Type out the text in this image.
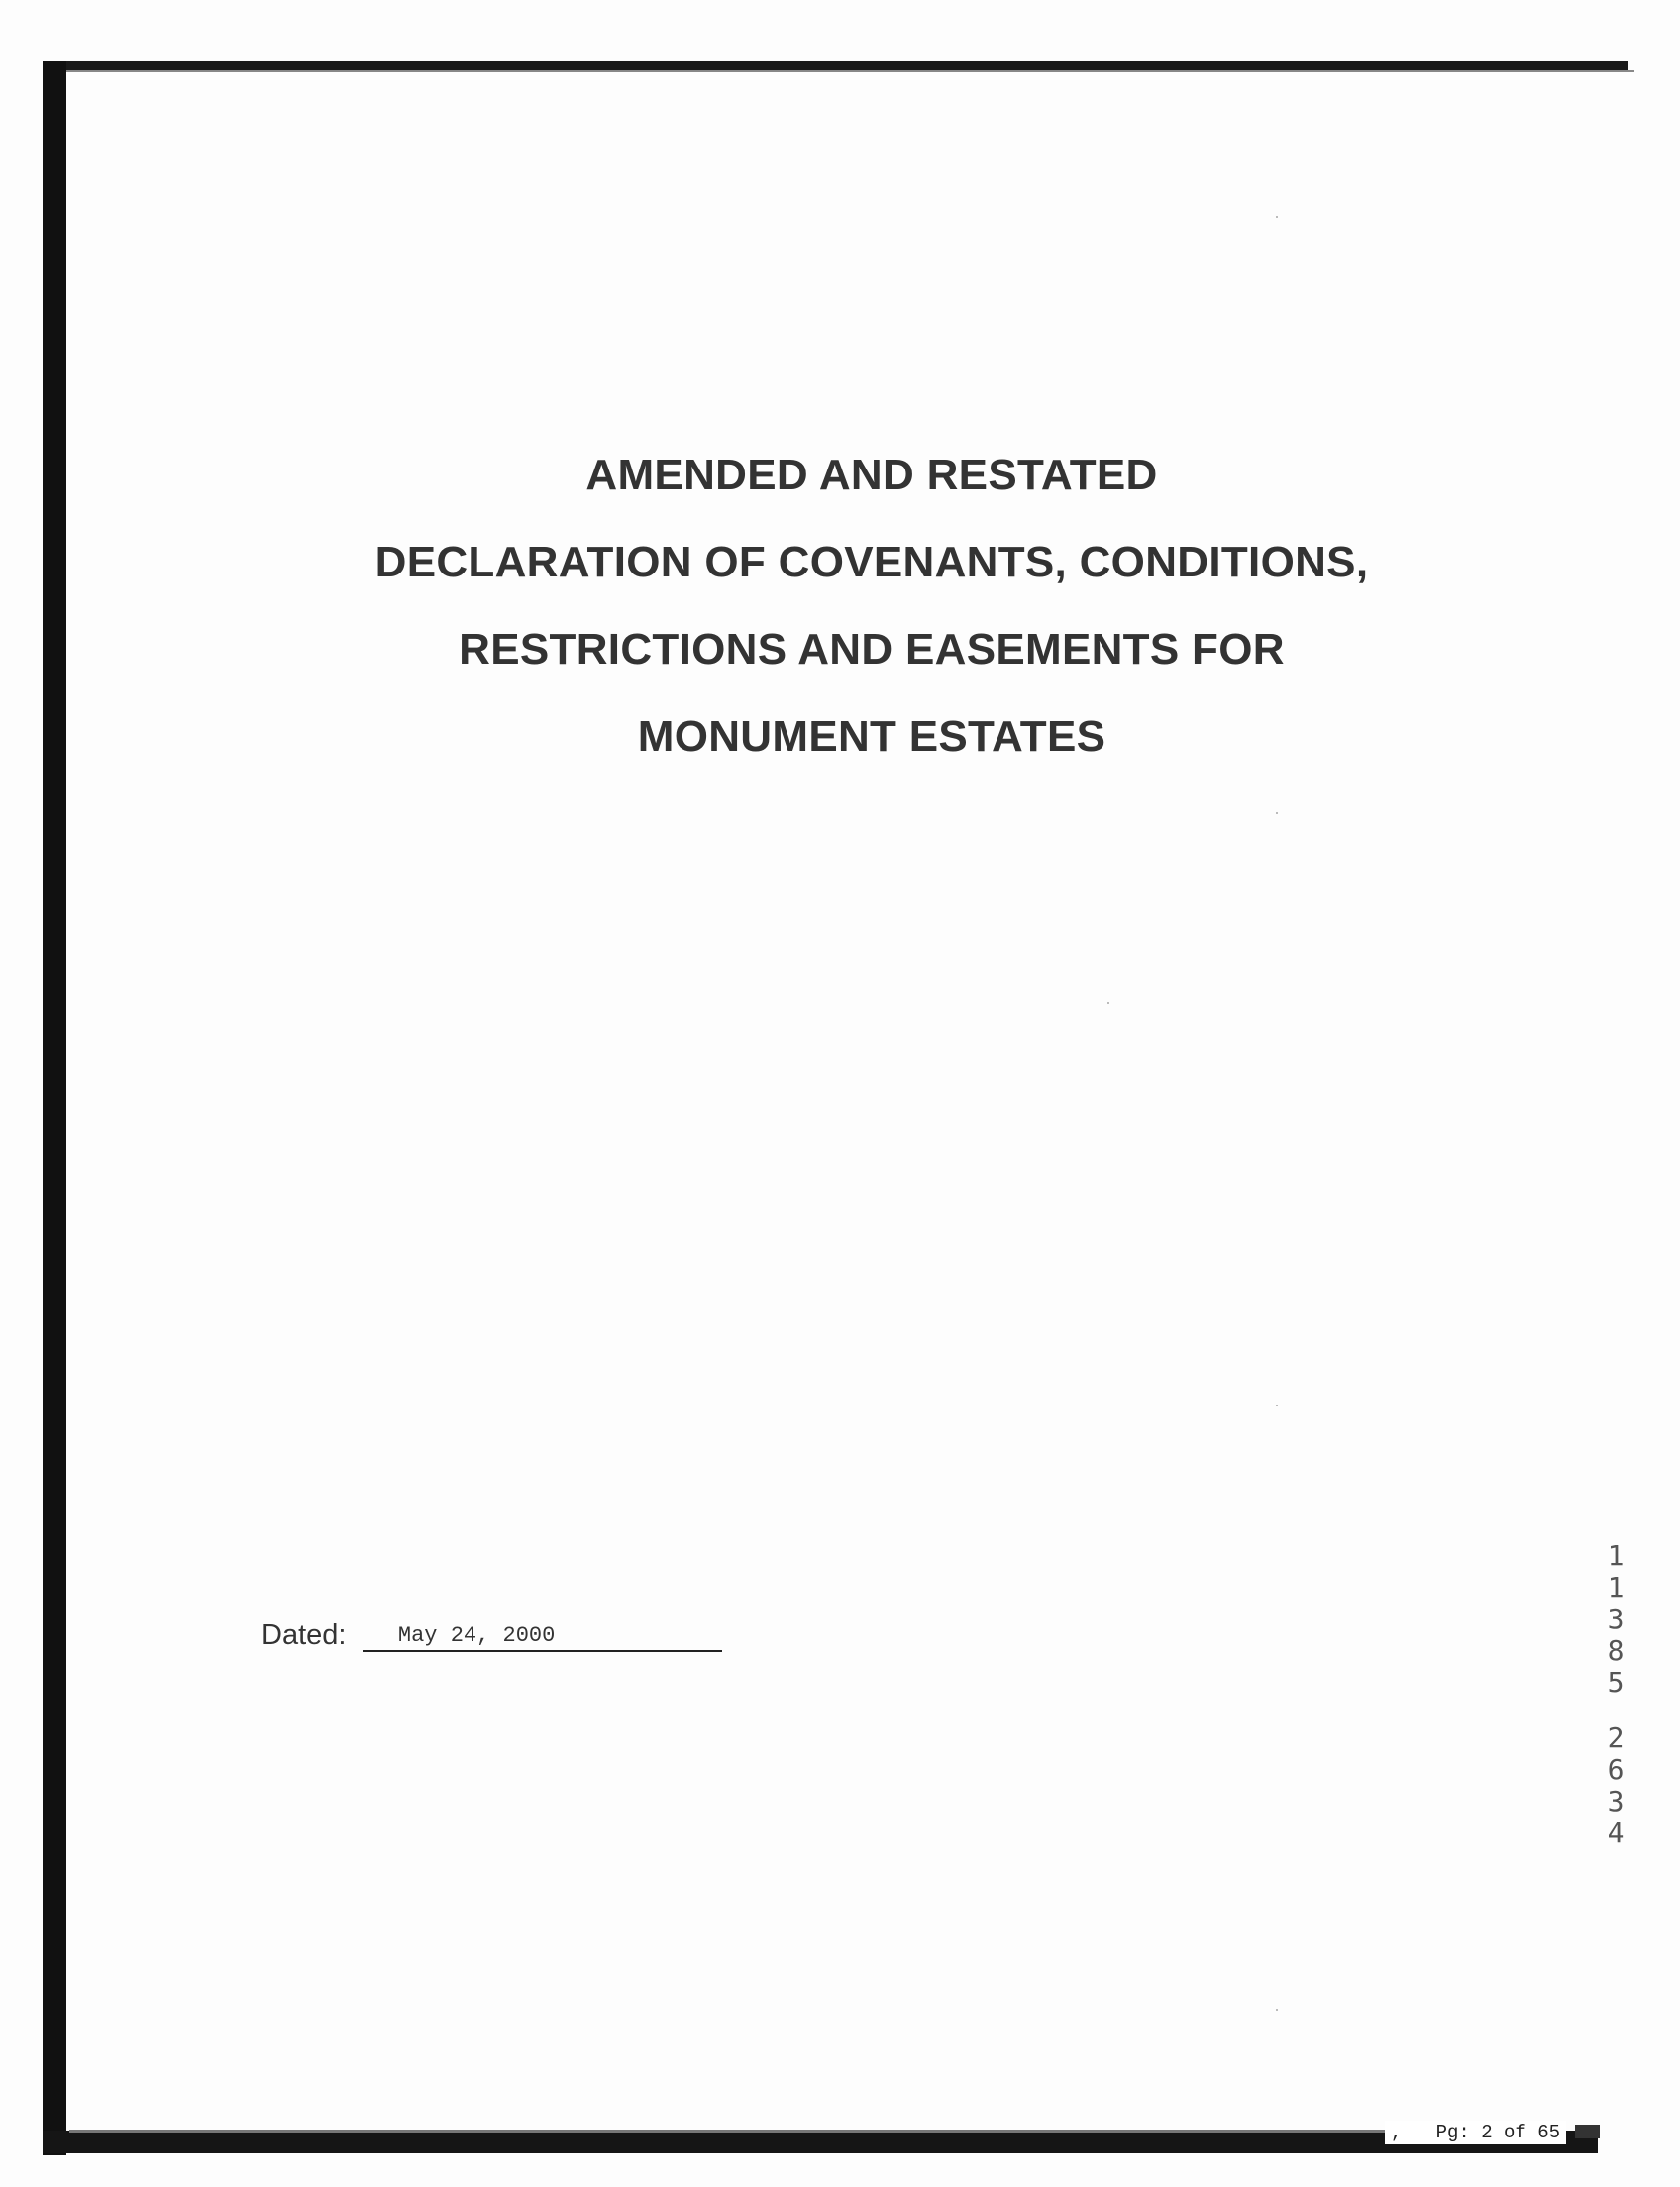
AMENDED AND RESTATED
DECLARATION OF COVENANTS, CONDITIONS,
RESTRICTIONS AND EASEMENTS FOR
MONUMENT ESTATES
Dated: May 24, 2000
1
1
3
8
5
2
6
3
4
,   Pg: 2 of 65
